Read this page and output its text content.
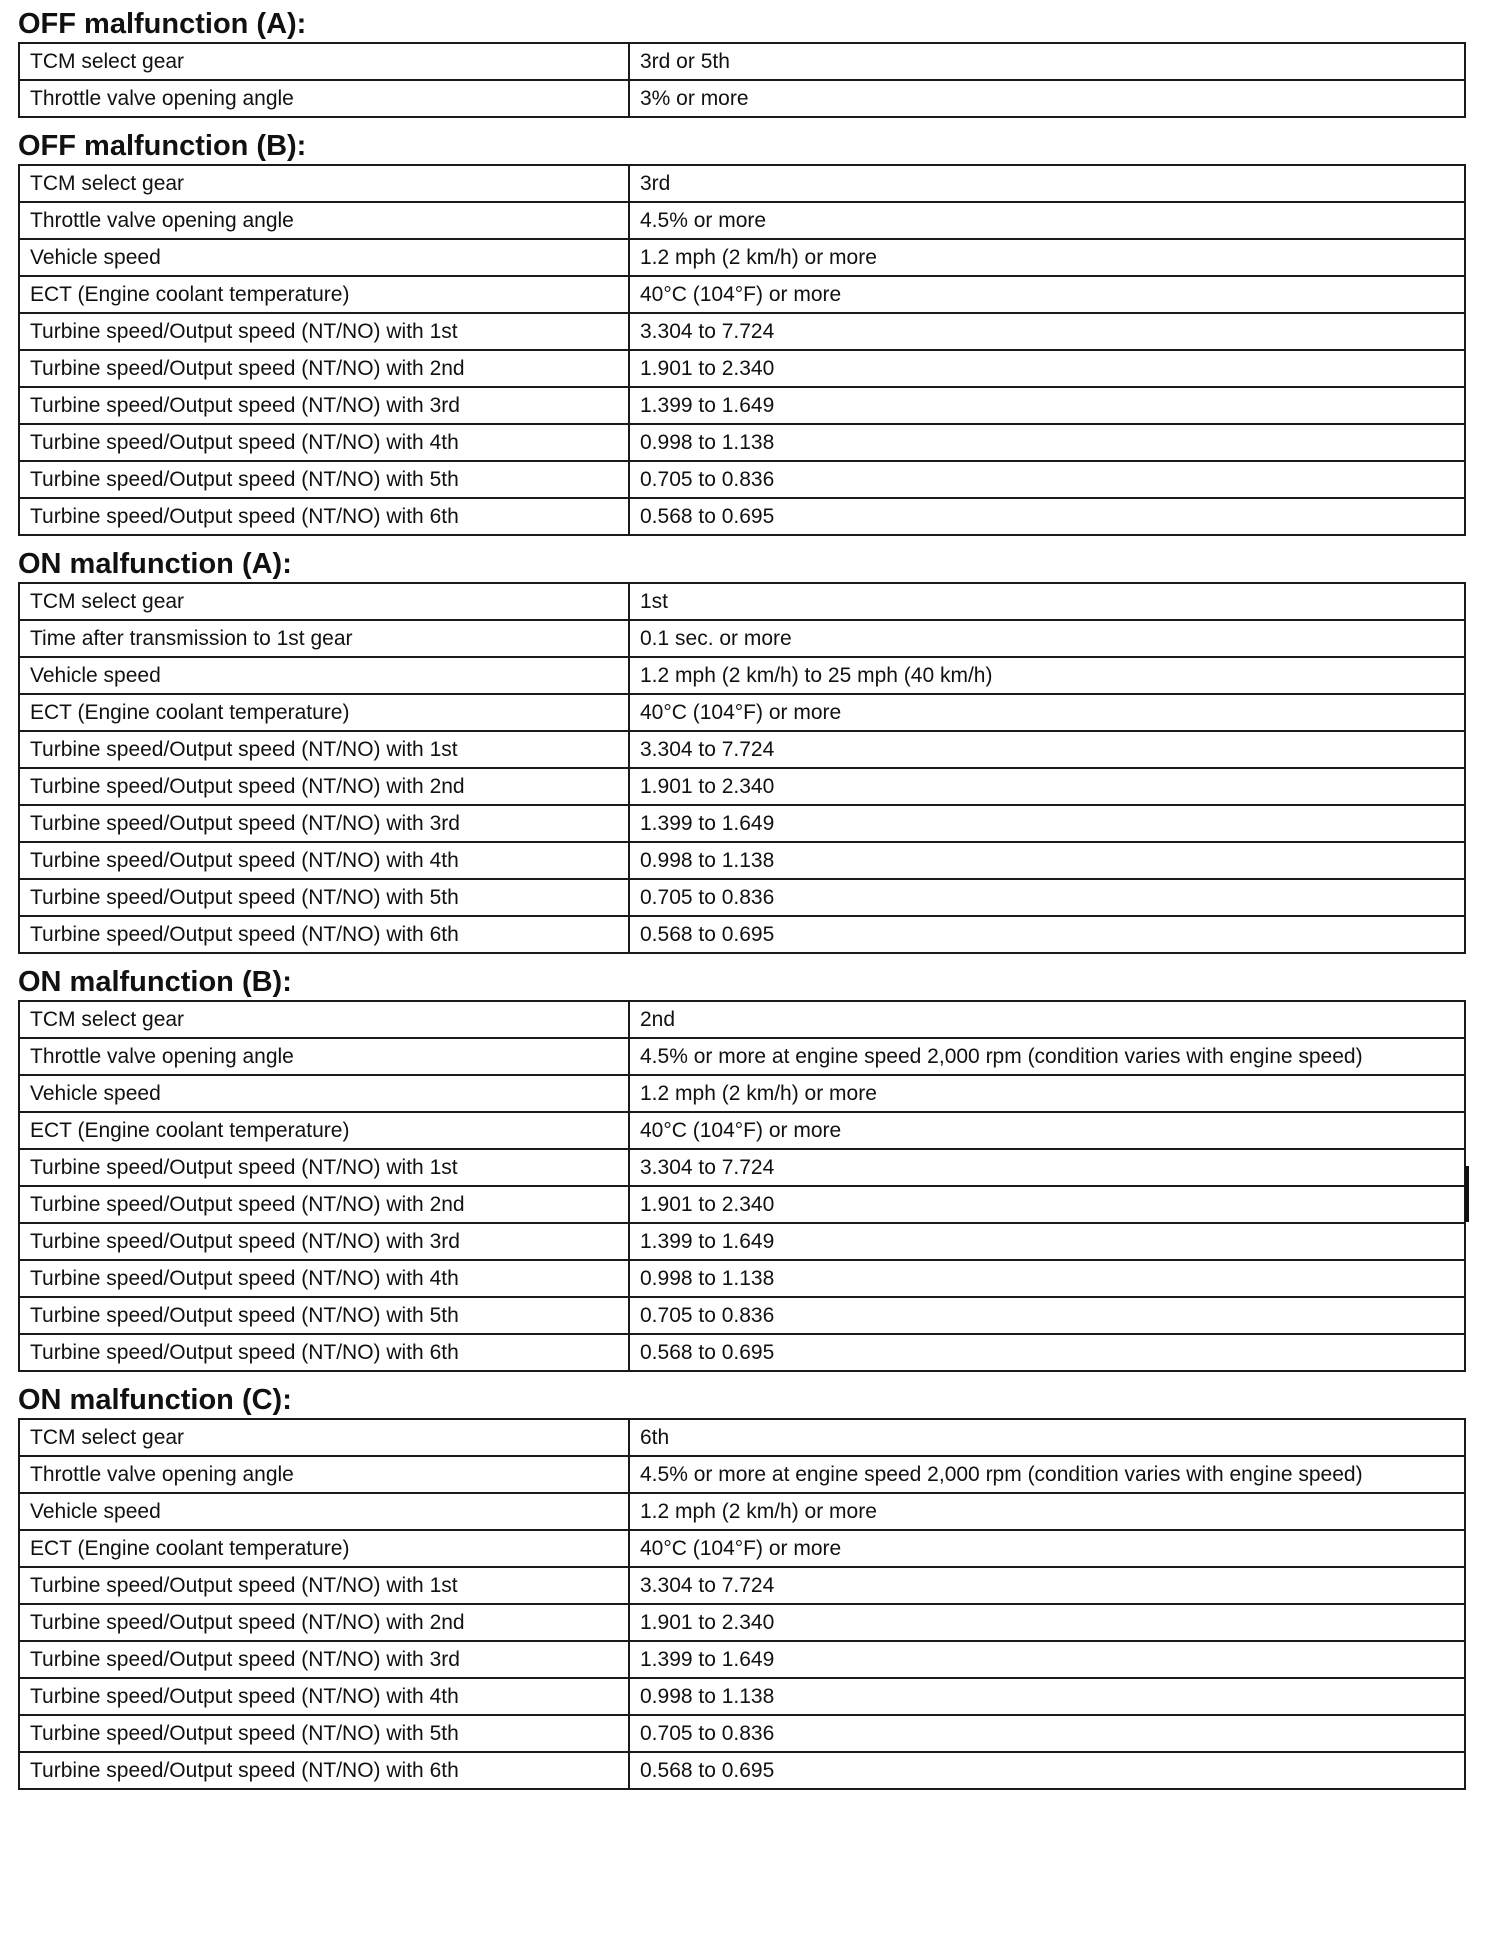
OFF malfunction (A):
TCM select gear	3rd or 5th
Throttle valve opening angle	3% or more
OFF malfunction (B):
TCM select gear	3rd
Throttle valve opening angle	4.5% or more
Vehicle speed	1.2 mph (2 km/h) or more
ECT (Engine coolant temperature)	40°C (104°F) or more
Turbine speed/Output speed (NT/NO) with 1st	3.304 to 7.724
Turbine speed/Output speed (NT/NO) with 2nd	1.901 to 2.340
Turbine speed/Output speed (NT/NO) with 3rd	1.399 to 1.649
Turbine speed/Output speed (NT/NO) with 4th	0.998 to 1.138
Turbine speed/Output speed (NT/NO) with 5th	0.705 to 0.836
Turbine speed/Output speed (NT/NO) with 6th	0.568 to 0.695
ON malfunction (A):
TCM select gear	1st
Time after transmission to 1st gear	0.1 sec. or more
Vehicle speed	1.2 mph (2 km/h) to 25 mph (40 km/h)
ECT (Engine coolant temperature)	40°C (104°F) or more
Turbine speed/Output speed (NT/NO) with 1st	3.304 to 7.724
Turbine speed/Output speed (NT/NO) with 2nd	1.901 to 2.340
Turbine speed/Output speed (NT/NO) with 3rd	1.399 to 1.649
Turbine speed/Output speed (NT/NO) with 4th	0.998 to 1.138
Turbine speed/Output speed (NT/NO) with 5th	0.705 to 0.836
Turbine speed/Output speed (NT/NO) with 6th	0.568 to 0.695
ON malfunction (B):
TCM select gear	2nd
Throttle valve opening angle	4.5% or more at engine speed 2,000 rpm (condition varies with engine speed)
Vehicle speed	1.2 mph (2 km/h) or more
ECT (Engine coolant temperature)	40°C (104°F) or more
Turbine speed/Output speed (NT/NO) with 1st	3.304 to 7.724
Turbine speed/Output speed (NT/NO) with 2nd	1.901 to 2.340
Turbine speed/Output speed (NT/NO) with 3rd	1.399 to 1.649
Turbine speed/Output speed (NT/NO) with 4th	0.998 to 1.138
Turbine speed/Output speed (NT/NO) with 5th	0.705 to 0.836
Turbine speed/Output speed (NT/NO) with 6th	0.568 to 0.695
ON malfunction (C):
TCM select gear	6th
Throttle valve opening angle	4.5% or more at engine speed 2,000 rpm (condition varies with engine speed)
Vehicle speed	1.2 mph (2 km/h) or more
ECT (Engine coolant temperature)	40°C (104°F) or more
Turbine speed/Output speed (NT/NO) with 1st	3.304 to 7.724
Turbine speed/Output speed (NT/NO) with 2nd	1.901 to 2.340
Turbine speed/Output speed (NT/NO) with 3rd	1.399 to 1.649
Turbine speed/Output speed (NT/NO) with 4th	0.998 to 1.138
Turbine speed/Output speed (NT/NO) with 5th	0.705 to 0.836
Turbine speed/Output speed (NT/NO) with 6th	0.568 to 0.695
